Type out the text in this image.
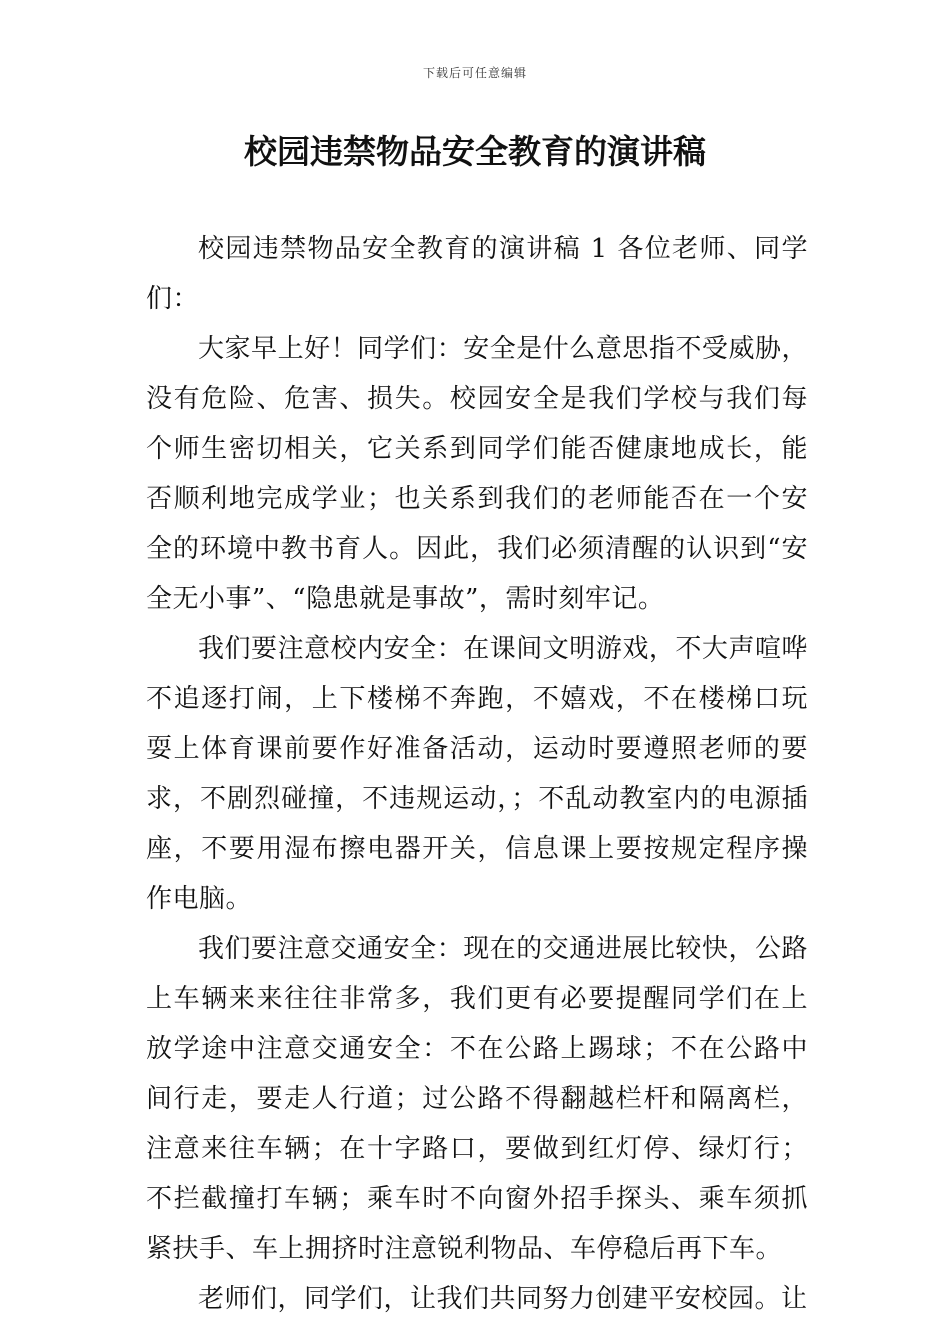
下载后可任意编辑
校园违禁物品安全教育的演讲稿

校园违禁物品安全教育的演讲稿 1 各位老师、同学们：

大家早上好！同学们：安全是什么意思指不受威胁，没有危险、危害、损失。校园安全是我们学校与我们每个师生密切相关，它关系到同学们能否健康地成长，能否顺利地完成学业；也关系到我们的老师能否在一个安全的环境中教书育人。因此，我们必须清醒的认识到“安全无小事”、“隐患就是事故”，需时刻牢记。

我们要注意校内安全：在课间文明游戏，不大声喧哗不追逐打闹，上下楼梯不奔跑，不嬉戏，不在楼梯口玩耍上体育课前要作好准备活动，运动时要遵照老师的要求，不剧烈碰撞，不违规运动，；不乱动教室内的电源插座，不要用湿布擦电器开关，信息课上要按规定程序操作电脑。

我们要注意交通安全：现在的交通进展比较快，公路上车辆来来往往非常多，我们更有必要提醒同学们在上放学途中注意交通安全：不在公路上踢球；不在公路中间行走，要走人行道；过公路不得翻越栏杆和隔离栏，注意来往车辆；在十字路口，要做到红灯停、绿灯行；不拦截撞打车辆；乘车时不向窗外招手探头、乘车须抓紧扶手、车上拥挤时注意锐利物品、车停稳后再下车。

老师们，同学们，让我们共同努力创建平安校园。让
